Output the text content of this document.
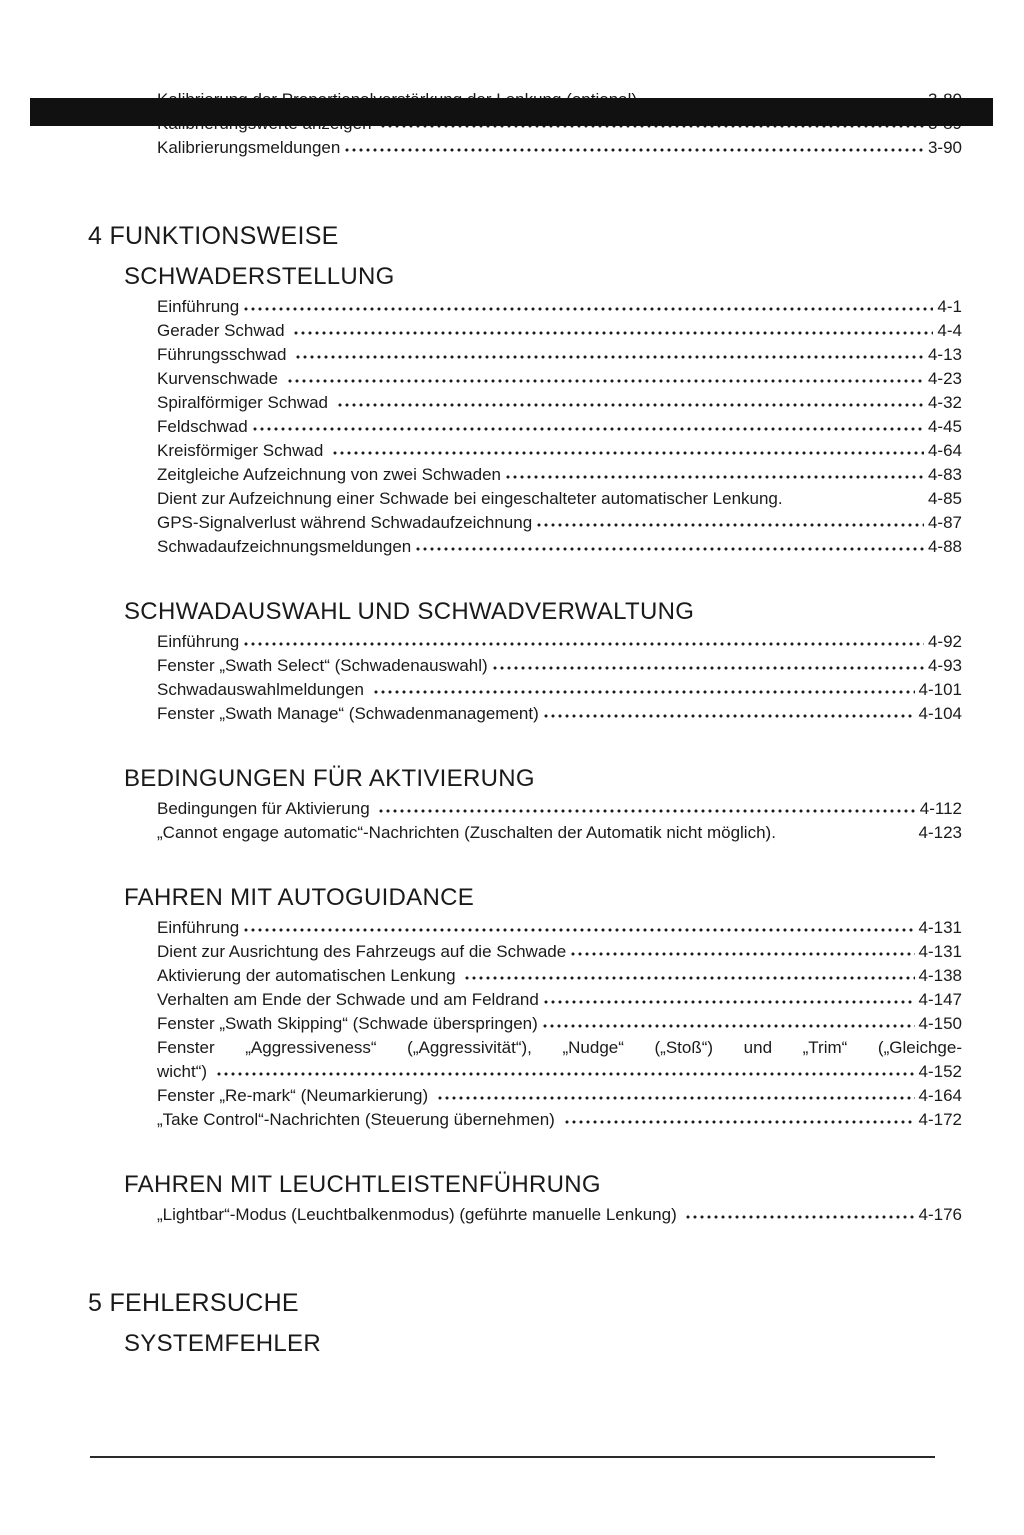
Kalibrierungsmeldungen	3-90
4 FUNKTIONSWEISE
SCHWADERSTELLUNG
Einführung	4-1
Gerader Schwad	4-4
Führungsschwad	4-13
Kurvenschwade	4-23
Spiralförmiger Schwad	4-32
Feldschwad	4-45
Kreisförmiger Schwad	4-64
Zeitgleiche Aufzeichnung von zwei Schwaden	4-83
Dient zur Aufzeichnung einer Schwade bei eingeschalteter automatischer Lenkung.	4-85
GPS-Signalverlust während Schwadaufzeichnung	4-87
Schwadaufzeichnungsmeldungen	4-88
SCHWADAUSWAHL UND SCHWADVERWALTUNG
Einführung	4-92
Fenster „Swath Select“ (Schwadenauswahl)	4-93
Schwadauswahlmeldungen	4-101
Fenster „Swath Manage“ (Schwadenmanagement)	4-104
BEDINGUNGEN FÜR AKTIVIERUNG
Bedingungen für Aktivierung	4-112
„Cannot engage automatic“-Nachrichten (Zuschalten der Automatik nicht möglich).	4-123
FAHREN MIT AUTOGUIDANCE
Einführung	4-131
Dient zur Ausrichtung des Fahrzeugs auf die Schwade	4-131
Aktivierung der automatischen Lenkung	4-138
Verhalten am Ende der Schwade und am Feldrand	4-147
Fenster „Swath Skipping“ (Schwade überspringen)	4-150
Fenster „Aggressiveness“ („Aggressivität“), „Nudge“ („Stoß“) und „Trim“ („Gleichge-
wicht“)	4-152
Fenster „Re-mark“ (Neumarkierung)	4-164
„Take Control“-Nachrichten (Steuerung übernehmen)	4-172
FAHREN MIT LEUCHTLEISTENFÜHRUNG
„Lightbar“-Modus (Leuchtbalkenmodus) (geführte manuelle Lenkung)	4-176
5 FEHLERSUCHE
SYSTEMFEHLER
